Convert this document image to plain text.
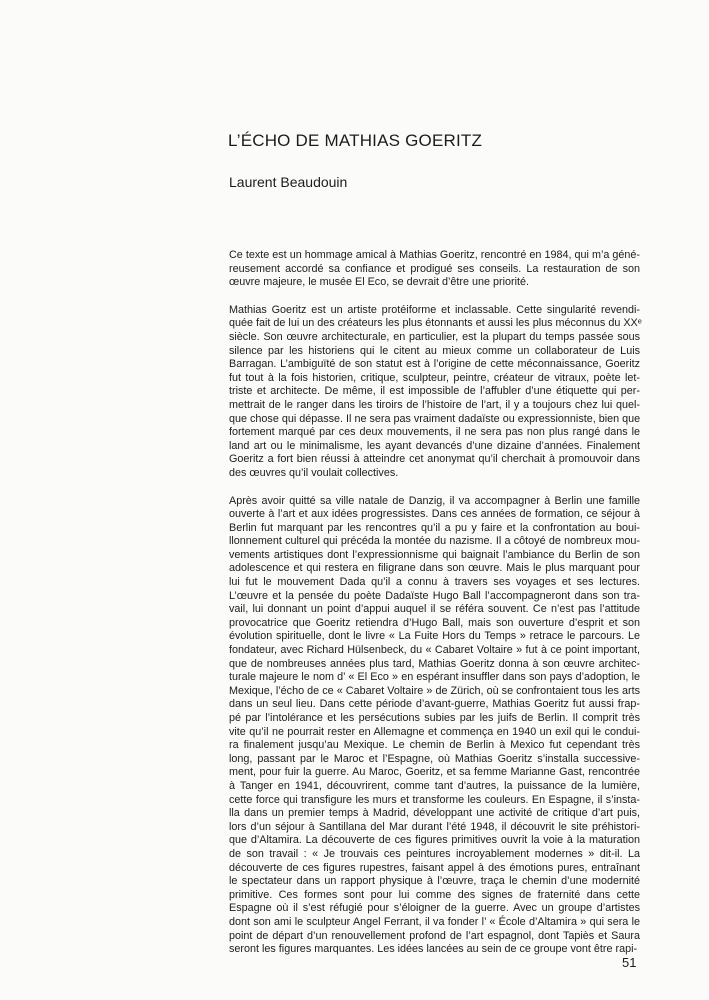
L’ÉCHO DE MATHIAS GOERITZ
Laurent Beaudouin
Ce texte est un hommage amical à Mathias Goeritz, rencontré en 1984, qui m’a géné-
reusement accordé sa confiance et prodigué ses conseils. La restauration de son
œuvre majeure, le musée El Eco, se devrait d’être une priorité.
Mathias Goeritz est un artiste protéiforme et inclassable. Cette singularité revendi-
quée fait de lui un des créateurs les plus étonnants et aussi les plus méconnus du XXᵉ
siècle. Son œuvre architecturale, en particulier, est la plupart du temps passée sous
silence par les historiens qui le citent au mieux comme un collaborateur de Luis
Barragan. L’ambiguïté de son statut est à l’origine de cette méconnaissance, Goeritz
fut tout à la fois historien, critique, sculpteur, peintre, créateur de vitraux, poète let-
triste et architecte. De même, il est impossible de l’affubler d’une étiquette qui per-
mettrait de le ranger dans les tiroirs de l’histoire de l’art, il y a toujours chez lui quel-
que chose qui dépasse. Il ne sera pas vraiment dadaïste ou expressionniste, bien que
fortement marqué par ces deux mouvements, il ne sera pas non plus rangé dans le
land art ou le minimalisme, les ayant devancés d’une dizaine d’années. Finalement
Goeritz a fort bien réussi à atteindre cet anonymat qu’il cherchait à promouvoir dans
des œuvres qu’il voulait collectives.
Après avoir quitté sa ville natale de Danzig, il va accompagner à Berlin une famille
ouverte à l’art et aux idées progressistes. Dans ces années de formation, ce séjour à
Berlin fut marquant par les rencontres qu’il a pu y faire et la confrontation au boui-
llonnement culturel qui précéda la montée du nazisme. Il a côtoyé de nombreux mou-
vements artistiques dont l’expressionnisme qui baignait l’ambiance du Berlin de son
adolescence et qui restera en filigrane dans son œuvre. Mais le plus marquant pour
lui fut le mouvement Dada qu’il a connu à travers ses voyages et ses lectures.
L’œuvre et la pensée du poète Dadaïste Hugo Ball l’accompagneront dans son tra-
vail, lui donnant un point d’appui auquel il se référa souvent. Ce n’est pas l’attitude
provocatrice que Goeritz retiendra d’Hugo Ball, mais son ouverture d’esprit et son
évolution spirituelle, dont le livre « La Fuite Hors du Temps » retrace le parcours. Le
fondateur, avec Richard Hülsenbeck, du « Cabaret Voltaire » fut à ce point important,
que de nombreuses années plus tard, Mathias Goeritz donna à son œuvre architec-
turale majeure le nom d’ « El Eco » en espérant insuffler dans son pays d’adoption, le
Mexique, l’écho de ce « Cabaret Voltaire » de Zürich, où se confrontaient tous les arts
dans un seul lieu. Dans cette période d’avant-guerre, Mathias Goeritz fut aussi frap-
pé par l’intolérance et les persécutions subies par les juifs de Berlin. Il comprit très
vite qu’il ne pourrait rester en Allemagne et commença en 1940 un exil qui le condui-
ra finalement jusqu’au Mexique. Le chemin de Berlin à Mexico fut cependant très
long, passant par le Maroc et l’Espagne, où Mathias Goeritz s’installa successive-
ment, pour fuir la guerre. Au Maroc, Goeritz, et sa femme Marianne Gast, rencontrée
à Tanger en 1941, découvrirent, comme tant d’autres, la puissance de la lumière,
cette force qui transfigure les murs et transforme les couleurs. En Espagne, il s’insta-
lla dans un premier temps à Madrid, développant une activité de critique d’art puis,
lors d’un séjour à Santillana del Mar durant l’été 1948, il découvrit le site préhistori-
que d’Altamira. La découverte de ces figures primitives ouvrit la voie à la maturation
de son travail : « Je trouvais ces peintures incroyablement modernes » dit-il. La
découverte de ces figures rupestres, faisant appel à des émotions pures, entraînant
le spectateur dans un rapport physique à l’œuvre, traça le chemin d’une modernité
primitive. Ces formes sont pour lui comme des signes de fraternité dans cette
Espagne où il s’est réfugié pour s’éloigner de la guerre. Avec un groupe d’artistes
dont son ami le sculpteur Angel Ferrant, il va fonder l’ « École d’Altamira » qui sera le
point de départ d’un renouvellement profond de l’art espagnol, dont Tapiès et Saura
seront les figures marquantes. Les idées lancées au sein de ce groupe vont être rapi-

51
